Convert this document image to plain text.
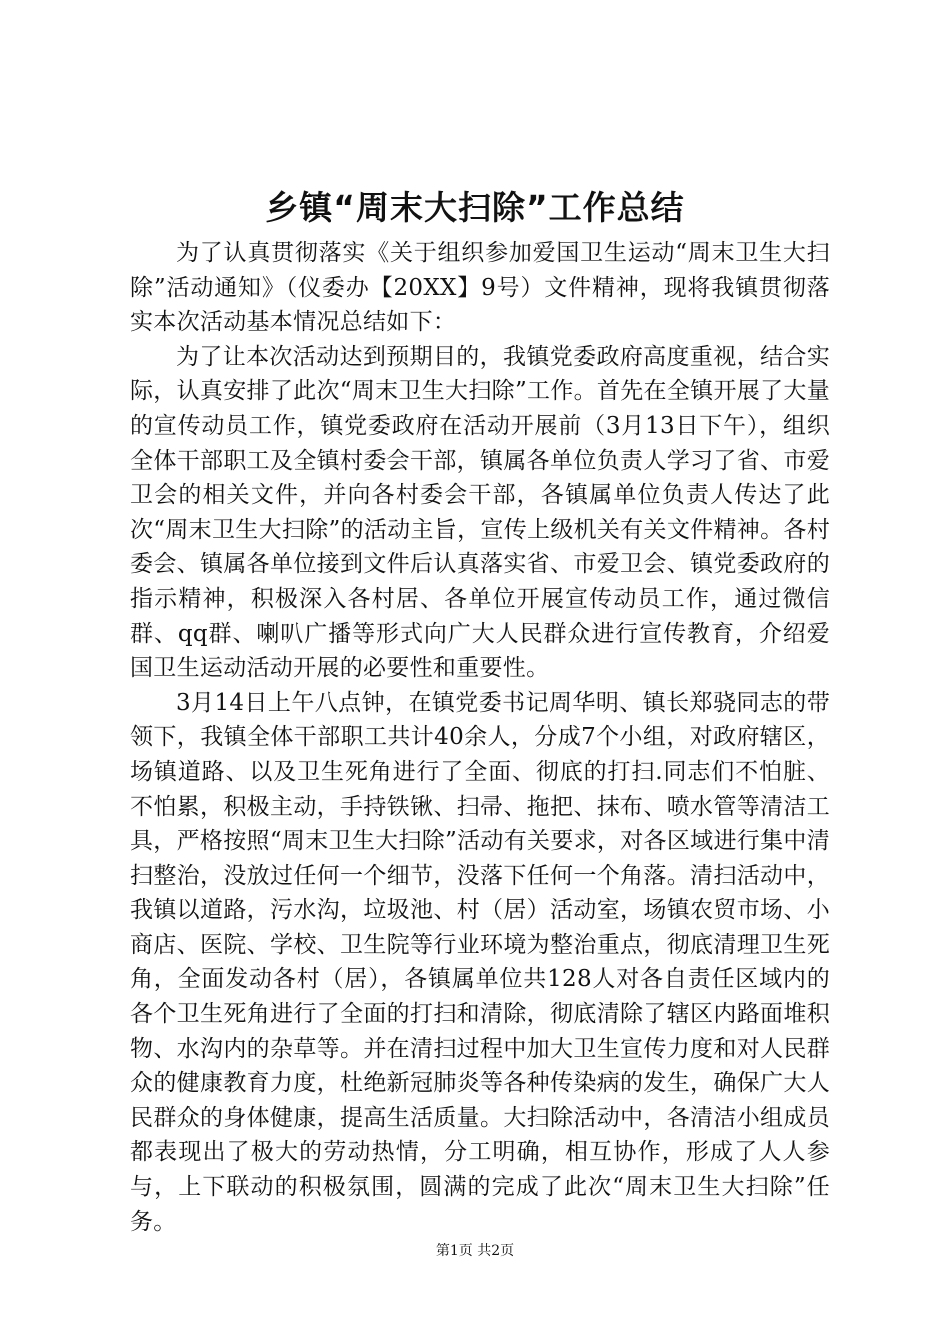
乡镇“周末大扫除”工作总结

为了认真贯彻落实《关于组织参加爱国卫生运动“周末卫生大扫除”活动通知》（仪委办【20XX】9号）文件精神，现将我镇贯彻落实本次活动基本情况总结如下：

为了让本次活动达到预期目的，我镇党委政府高度重视，结合实际，认真安排了此次“周末卫生大扫除”工作。首先在全镇开展了大量的宣传动员工作，镇党委政府在活动开展前（3月13日下午），组织全体干部职工及全镇村委会干部，镇属各单位负责人学习了省、市爱卫会的相关文件，并向各村委会干部，各镇属单位负责人传达了此次“周末卫生大扫除”的活动主旨，宣传上级机关有关文件精神。各村委会、镇属各单位接到文件后认真落实省、市爱卫会、镇党委政府的指示精神，积极深入各村居、各单位开展宣传动员工作，通过微信群、qq群、喇叭广播等形式向广大人民群众进行宣传教育，介绍爱国卫生运动活动开展的必要性和重要性。

3月14日上午八点钟，在镇党委书记周华明、镇长郑骁同志的带领下，我镇全体干部职工共计40余人，分成7个小组，对政府辖区，场镇道路、以及卫生死角进行了全面、彻底的打扫.同志们不怕脏、不怕累，积极主动，手持铁锹、扫帚、拖把、抹布、喷水管等清洁工具，严格按照“周末卫生大扫除”活动有关要求，对各区域进行集中清扫整治，没放过任何一个细节，没落下任何一个角落。清扫活动中，我镇以道路，污水沟，垃圾池、村（居）活动室，场镇农贸市场、小商店、医院、学校、卫生院等行业环境为整治重点，彻底清理卫生死角，全面发动各村（居），各镇属单位共128人对各自责任区域内的各个卫生死角进行了全面的打扫和清除，彻底清除了辖区内路面堆积物、水沟内的杂草等。并在清扫过程中加大卫生宣传力度和对人民群众的健康教育力度，杜绝新冠肺炎等各种传染病的发生，确保广大人民群众的身体健康，提高生活质量。大扫除活动中，各清洁小组成员都表现出了极大的劳动热情，分工明确，相互协作，形成了人人参与，上下联动的积极氛围，圆满的完成了此次“周末卫生大扫除”任务。

第1页 共2页
